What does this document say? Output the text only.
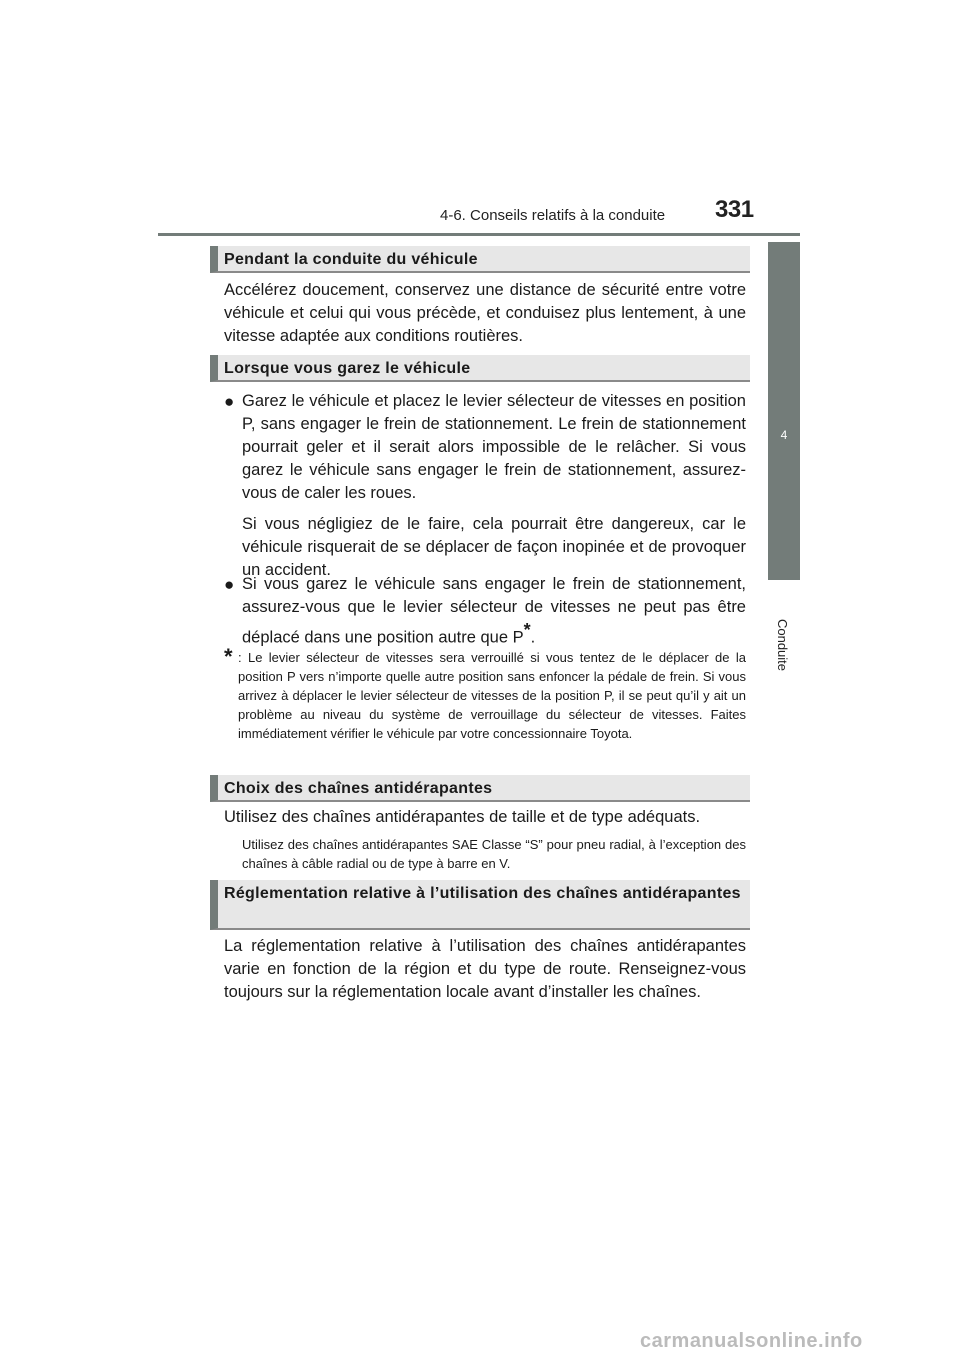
4-6. Conseils relatifs à la conduite 331
4
Conduite
Pendant la conduite du véhicule
Accélérez doucement, conservez une distance de sécurité entre votre véhicule et celui qui vous précède, et conduisez plus lentement, à une vitesse adaptée aux conditions routières.
Lorsque vous garez le véhicule
● Garez le véhicule et placez le levier sélecteur de vitesses en position P, sans engager le frein de stationnement. Le frein de stationnement pourrait geler et il serait alors impossible de le relâcher. Si vous garez le véhicule sans engager le frein de stationnement, assurez-vous de caler les roues.
Si vous négligiez de le faire, cela pourrait être dangereux, car le véhicule risquerait de se déplacer de façon inopinée et de provoquer un accident.
● Si vous garez le véhicule sans engager le frein de stationnement, assurez-vous que le levier sélecteur de vitesses ne peut pas être déplacé dans une position autre que P*.
* : Le levier sélecteur de vitesses sera verrouillé si vous tentez de le déplacer de la position P vers n’importe quelle autre position sans enfoncer la pédale de frein. Si vous arrivez à déplacer le levier sélecteur de vitesses de la position P, il se peut qu’il y ait un problème au niveau du système de verrouillage du sélecteur de vitesses. Faites immédiatement vérifier le véhicule par votre concessionnaire Toyota.
Choix des chaînes antidérapantes
Utilisez des chaînes antidérapantes de taille et de type adéquats.
Utilisez des chaînes antidérapantes SAE Classe “S” pour pneu radial, à l’exception des chaînes à câble radial ou de type à barre en V.
Réglementation relative à l’utilisation des chaînes antidérapantes
La réglementation relative à l’utilisation des chaînes antidérapantes varie en fonction de la région et du type de route. Renseignez-vous toujours sur la réglementation locale avant d’installer les chaînes.
carmanualsonline.info
